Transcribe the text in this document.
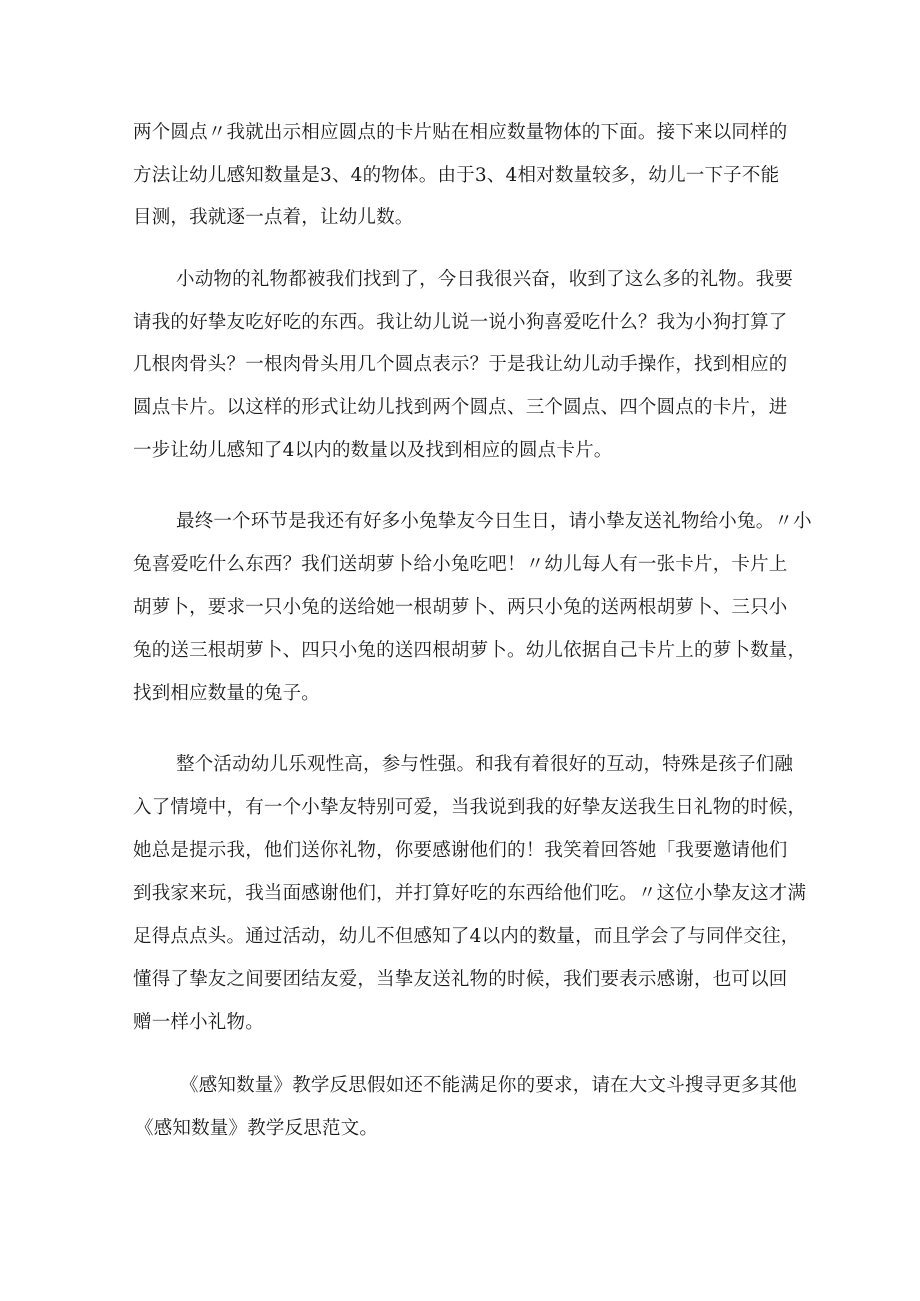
两个圆点〃我就出示相应圆点的卡片贴在相应数量物体的下面。接下来以同样的
方法让幼儿感知数量是3、4的物体。由于3、4相对数量较多，幼儿一下子不能
目测，我就逐一点着，让幼儿数。
小动物的礼物都被我们找到了，今日我很兴奋，收到了这么多的礼物。我要
请我的好挚友吃好吃的东西。我让幼儿说一说小狗喜爱吃什么？我为小狗打算了
几根肉骨头？一根肉骨头用几个圆点表示？于是我让幼儿动手操作，找到相应的
圆点卡片。以这样的形式让幼儿找到两个圆点、三个圆点、四个圆点的卡片，进
一步让幼儿感知了4以内的数量以及找到相应的圆点卡片。
最终一个环节是我还有好多小兔挚友今日生日，请小挚友送礼物给小兔。〃小
兔喜爱吃什么东西？我们送胡萝卜给小兔吃吧！〃幼儿每人有一张卡片，卡片上
胡萝卜，要求一只小兔的送给她一根胡萝卜、两只小兔的送两根胡萝卜、三只小
兔的送三根胡萝卜、四只小兔的送四根胡萝卜。幼儿依据自己卡片上的萝卜数量，
找到相应数量的兔子。
整个活动幼儿乐观性高，参与性强。和我有着很好的互动，特殊是孩子们融
入了情境中，有一个小挚友特别可爱，当我说到我的好挚友送我生日礼物的时候，
她总是提示我，他们送你礼物，你要感谢他们的！我笑着回答她「我要邀请他们
到我家来玩，我当面感谢他们，并打算好吃的东西给他们吃。〃这位小挚友这才满
足得点点头。通过活动，幼儿不但感知了4以内的数量，而且学会了与同伴交往，
懂得了挚友之间要团结友爱，当挚友送礼物的时候，我们要表示感谢，也可以回
赠一样小礼物。
《感知数量》教学反思假如还不能满足你的要求，请在大文斗搜寻更多其他
《感知数量》教学反思范文。
